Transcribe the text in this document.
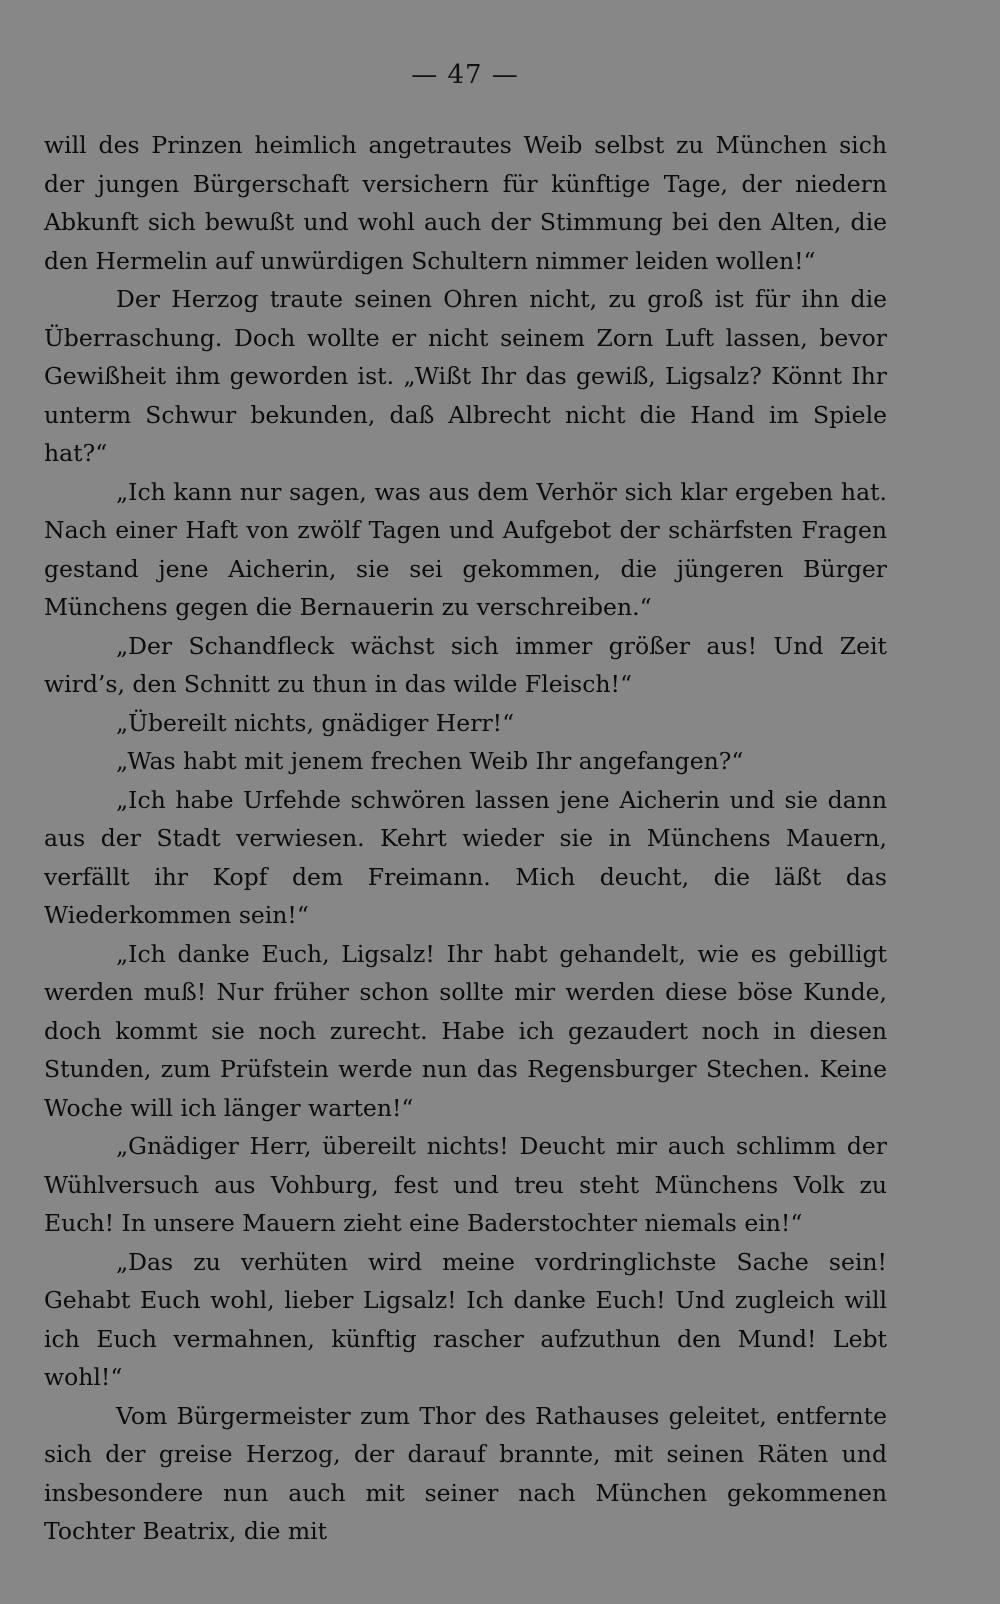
— 47 —

will des Prinzen heimlich angetrautes Weib selbst zu München sich der jungen Bürgerschaft versichern für künftige Tage, der niedern Abkunft sich bewußt und wohl auch der Stimmung bei den Alten, die den Hermelin auf unwürdigen Schultern nimmer leiden wollen!“

Der Herzog traute seinen Ohren nicht, zu groß ist für ihn die Überraschung. Doch wollte er nicht seinem Zorn Luft lassen, bevor Gewißheit ihm geworden ist. „Wißt Ihr das gewiß, Ligsalz? Könnt Ihr unterm Schwur bekunden, daß Albrecht nicht die Hand im Spiele hat?“

„Ich kann nur sagen, was aus dem Verhör sich klar ergeben hat. Nach einer Haft von zwölf Tagen und Aufgebot der schärfsten Fragen gestand jene Aicherin, sie sei gekommen, die jüngeren Bürger Münchens gegen die Bernauerin zu verschreiben.“

„Der Schandfleck wächst sich immer größer aus! Und Zeit wird’s, den Schnitt zu thun in das wilde Fleisch!“

„Übereilt nichts, gnädiger Herr!“

„Was habt mit jenem frechen Weib Ihr angefangen?“

„Ich habe Urfehde schwören lassen jene Aicherin und sie dann aus der Stadt verwiesen. Kehrt wieder sie in Münchens Mauern, verfällt ihr Kopf dem Freimann. Mich deucht, die läßt das Wiederkommen sein!“

„Ich danke Euch, Ligsalz! Ihr habt gehandelt, wie es gebilligt werden muß! Nur früher schon sollte mir werden diese böse Kunde, doch kommt sie noch zurecht. Habe ich gezaudert noch in diesen Stunden, zum Prüfstein werde nun das Regensburger Stechen. Keine Woche will ich länger warten!“

„Gnädiger Herr, übereilt nichts! Deucht mir auch schlimm der Wühlversuch aus Vohburg, fest und treu steht Münchens Volk zu Euch! In unsere Mauern zieht eine Baderstochter niemals ein!“

„Das zu verhüten wird meine vordringlichste Sache sein! Gehabt Euch wohl, lieber Ligsalz! Ich danke Euch! Und zugleich will ich Euch vermahnen, künftig rascher aufzuthun den Mund! Lebt wohl!“

Vom Bürgermeister zum Thor des Rathauses geleitet, entfernte sich der greise Herzog, der darauf brannte, mit seinen Räten und insbesondere nun auch mit seiner nach München gekommenen Tochter Beatrix, die mit
